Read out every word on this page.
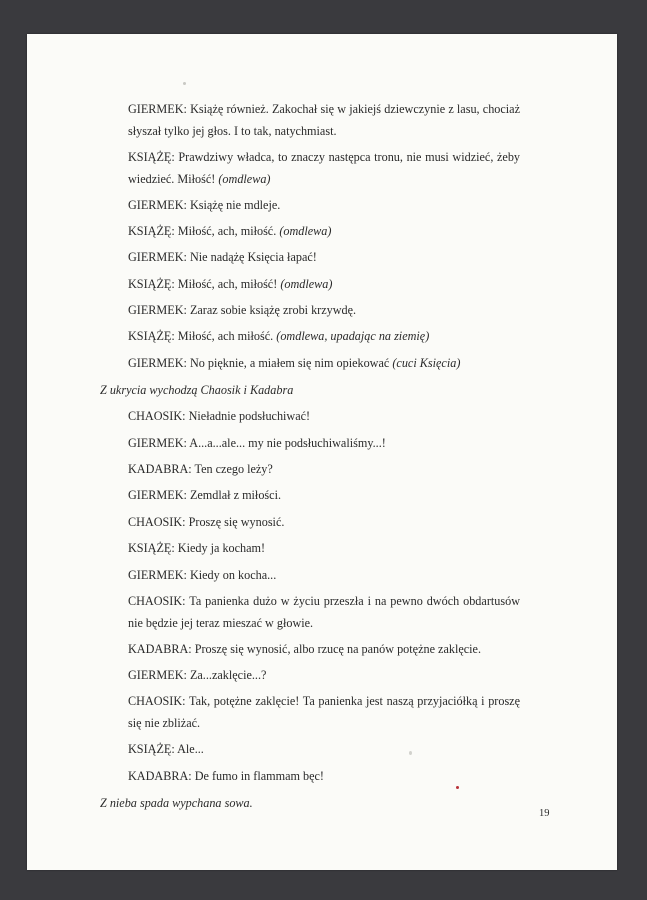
GIERMEK: Książę również. Zakochał się w jakiejś dziewczynie z lasu, chociaż słyszał tylko jej głos. I to tak, natychmiast.

KSIĄŻĘ: Prawdziwy władca, to znaczy następca tronu, nie musi widzieć, żeby wiedzieć. Miłość! (omdlewa)

GIERMEK: Książę nie mdleje.

KSIĄŻĘ: Miłość, ach, miłość. (omdlewa)

GIERMEK: Nie nadążę Księcia łapać!

KSIĄŻĘ: Miłość, ach, miłość! (omdlewa)

GIERMEK: Zaraz sobie książę zrobi krzywdę.

KSIĄŻĘ: Miłość, ach miłość. (omdlewa, upadając na ziemię)

GIERMEK: No pięknie, a miałem się nim opiekować (cuci Księcia)

Z ukrycia wychodzą Chaosik i Kadabra

CHAOSIK: Nieładnie podsłuchiwać!

GIERMEK: A...a...ale... my nie podsłuchiwaliśmy...!

KADABRA: Ten czego leży?

GIERMEK: Zemdlał z miłości.

CHAOSIK: Proszę się wynosić.

KSIĄŻĘ: Kiedy ja kocham!

GIERMEK: Kiedy on kocha...

CHAOSIK: Ta panienka dużo w życiu przeszła i na pewno dwóch obdartusów nie będzie jej teraz mieszać w głowie.

KADABRA: Proszę się wynosić, albo rzucę na panów potężne zaklęcie.

GIERMEK: Za...zaklęcie...?

CHAOSIK: Tak, potężne zaklęcie! Ta panienka jest naszą przyjaciółką i proszę się nie zbliżać.

KSIĄŻĘ: Ale...

KADABRA: De fumo in flammam bęc!

Z nieba spada wypchana sowa.

19
